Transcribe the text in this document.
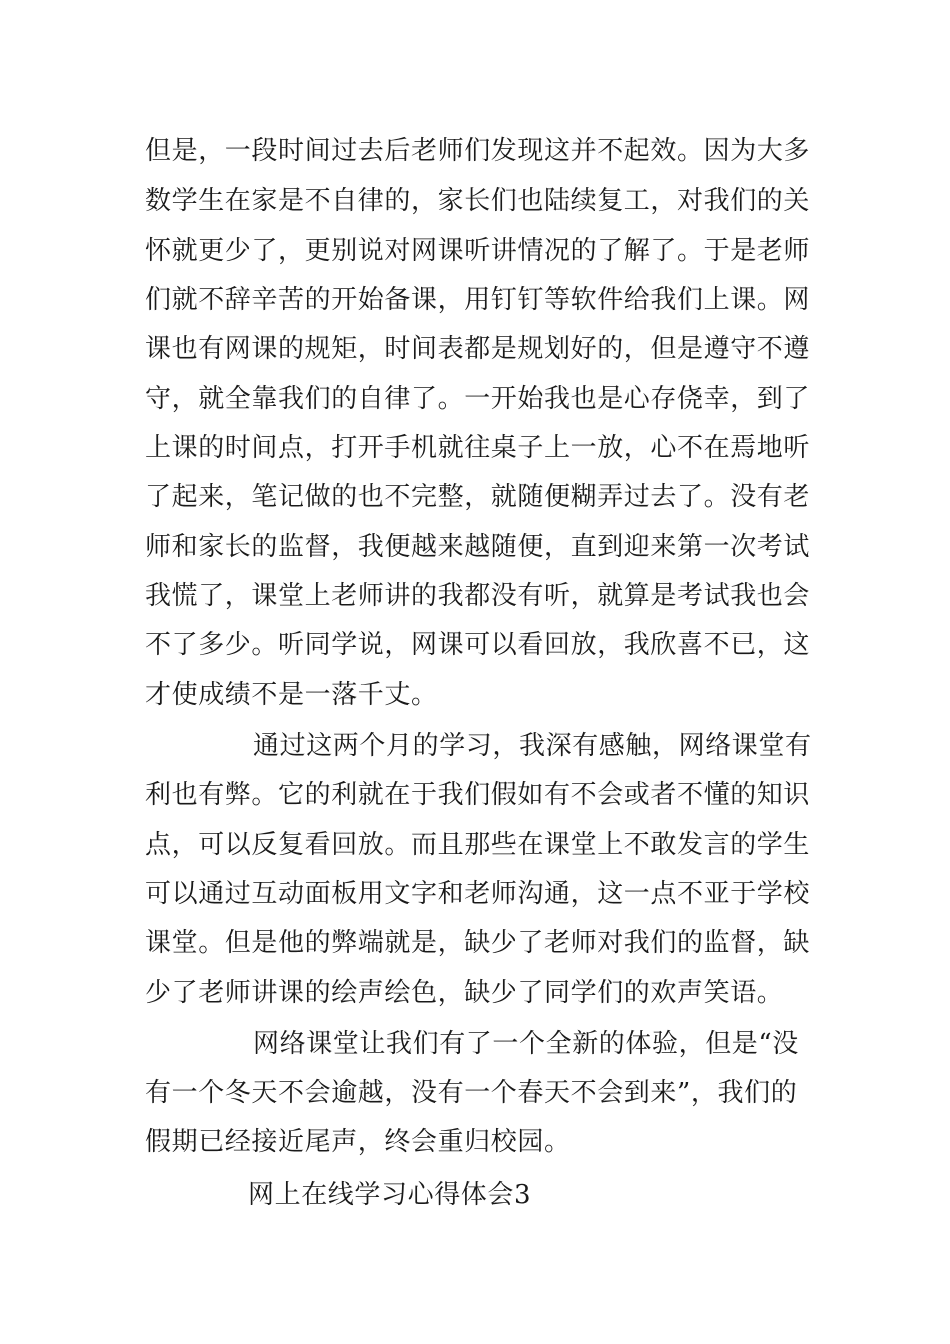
但是，一段时间过去后老师们发现这并不起效。因为大多
数学生在家是不自律的，家长们也陆续复工，对我们的关
怀就更少了，更别说对网课听讲情况的了解了。于是老师
们就不辞辛苦的开始备课，用钉钉等软件给我们上课。网
课也有网课的规矩，时间表都是规划好的，但是遵守不遵
守，就全靠我们的自律了。一开始我也是心存侥幸，到了
上课的时间点，打开手机就往桌子上一放，心不在焉地听
了起来，笔记做的也不完整，就随便糊弄过去了。没有老
师和家长的监督，我便越来越随便，直到迎来第一次考试
我慌了，课堂上老师讲的我都没有听，就算是考试我也会
不了多少。听同学说，网课可以看回放，我欣喜不已，这
才使成绩不是一落千丈。
通过这两个月的学习，我深有感触，网络课堂有
利也有弊。它的利就在于我们假如有不会或者不懂的知识
点，可以反复看回放。而且那些在课堂上不敢发言的学生
可以通过互动面板用文字和老师沟通，这一点不亚于学校
课堂。但是他的弊端就是，缺少了老师对我们的监督，缺
少了老师讲课的绘声绘色，缺少了同学们的欢声笑语。
网络课堂让我们有了一个全新的体验，但是“没
有一个冬天不会逾越，没有一个春天不会到来”，我们的
假期已经接近尾声，终会重归校园。
网上在线学习心得体会3
